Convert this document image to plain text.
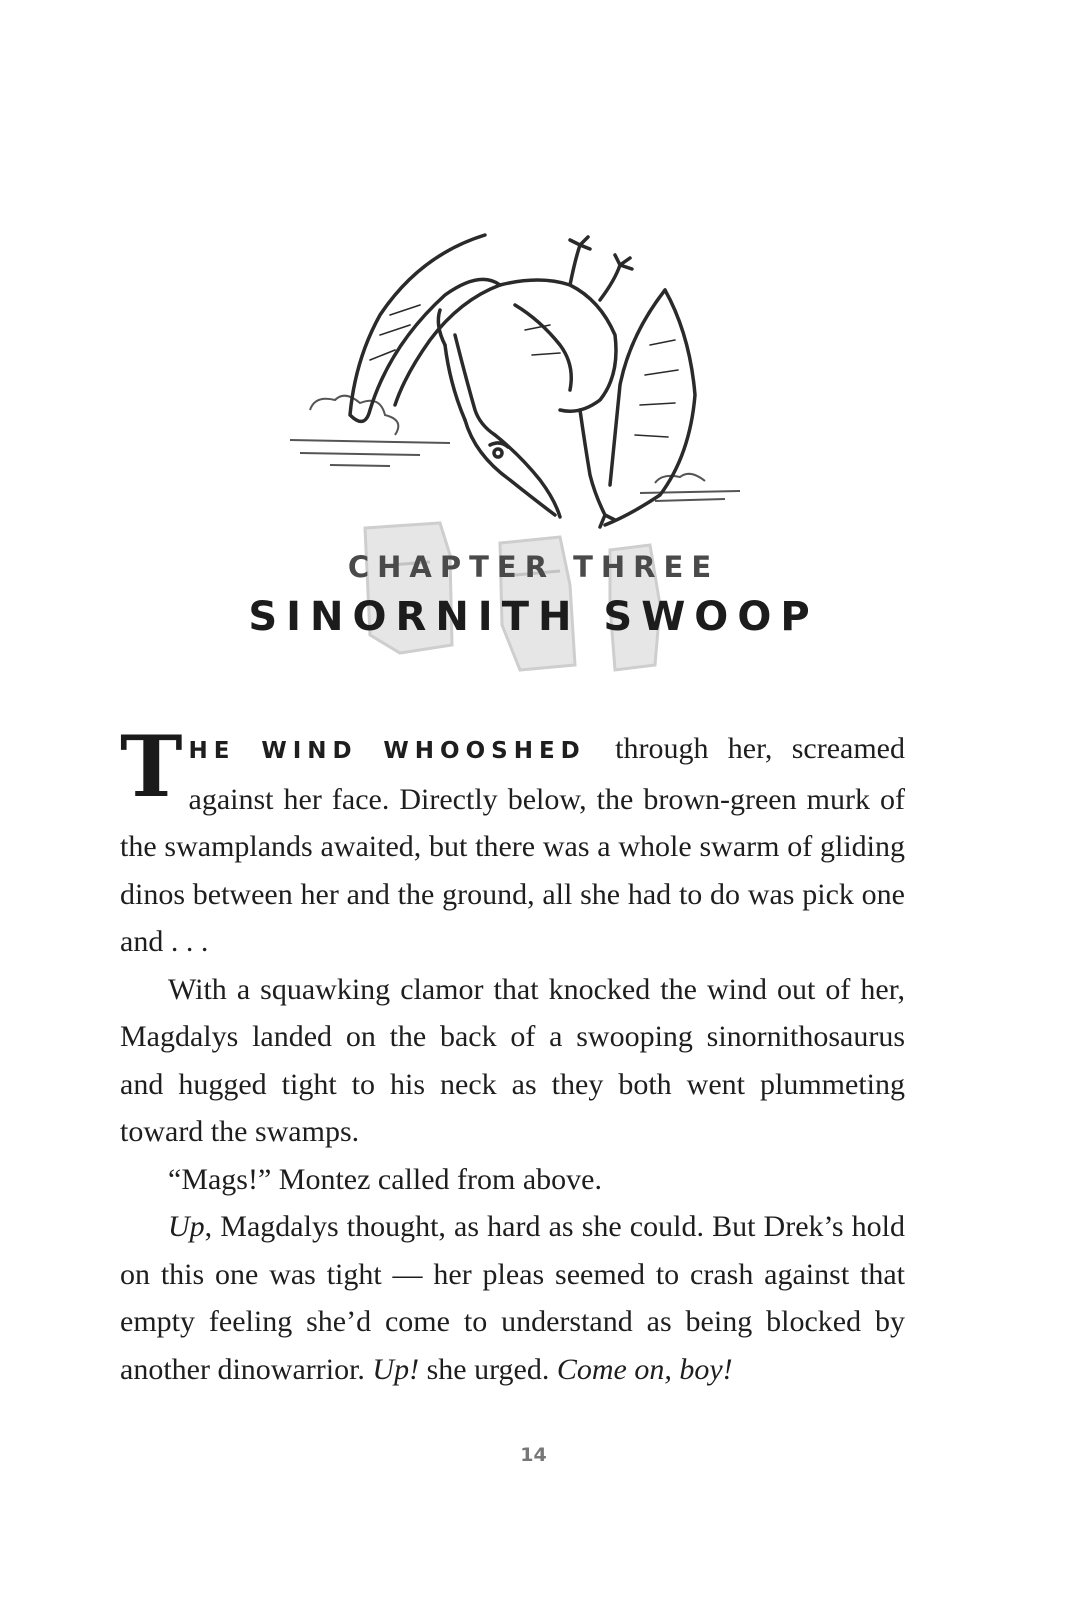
CHAPTER THREE
SINORNITH SWOOP

THE WIND WHOOSHED through her, screamed against her face. Directly below, the brown-green murk of the swamplands awaited, but there was a whole swarm of gliding dinos between her and the ground, all she had to do was pick one and . . .

With a squawking clamor that knocked the wind out of her, Magdalys landed on the back of a swooping sinornithosaurus and hugged tight to his neck as they both went plummeting toward the swamps.

“Mags!” Montez called from above.

Up, Magdalys thought, as hard as she could. But Drek’s hold on this one was tight — her pleas seemed to crash against that empty feeling she’d come to understand as being blocked by another dinowarrior. Up! she urged. Come on, boy!

14
